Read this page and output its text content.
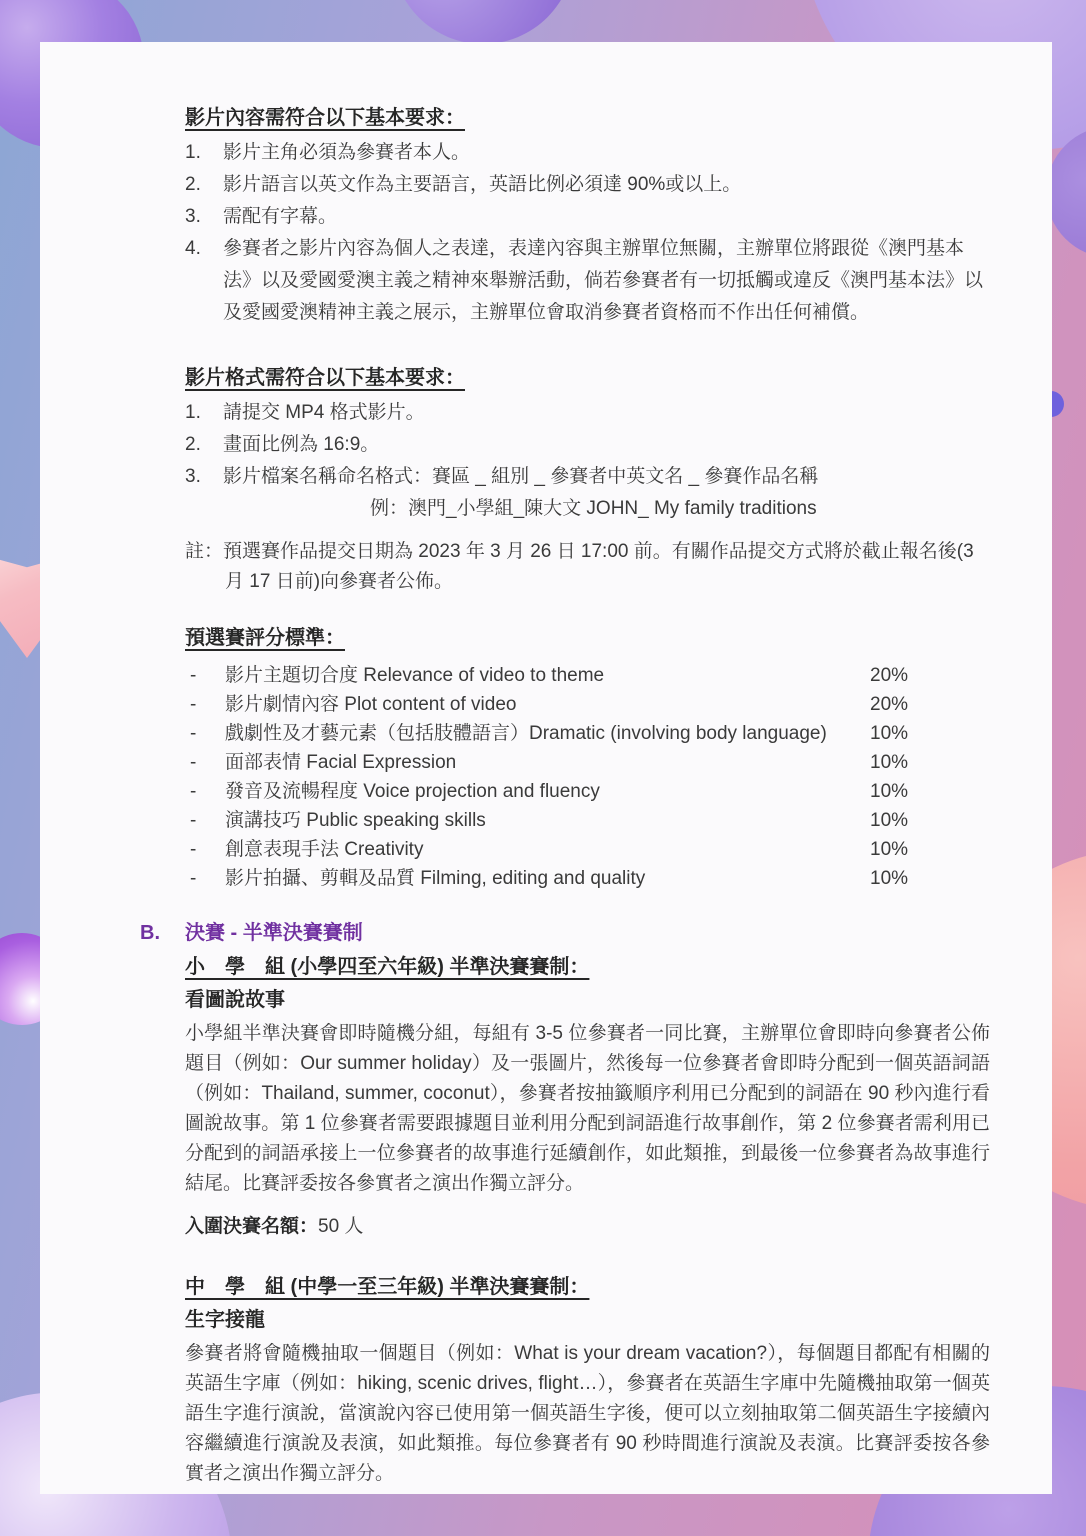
影片內容需符合以下基本要求：
1.	影片主角必須為參賽者本人。
2.	影片語言以英文作為主要語言，英語比例必須達 90%或以上。
3.	需配有字幕。
4.	參賽者之影片內容為個人之表達，表達內容與主辦單位無關，主辦單位將跟從《澳門基本法》以及愛國愛澳主義之精神來舉辦活動，倘若參賽者有一切抵觸或違反《澳門基本法》以及愛國愛澳精神主義之展示，主辦單位會取消參賽者資格而不作出任何補償。
影片格式需符合以下基本要求：
1.	請提交 MP4 格式影片。
2.	畫面比例為 16:9。
3.	影片檔案名稱命名格式：賽區 _ 組別 _ 參賽者中英文名 _ 參賽作品名稱
例：澳門_小學組_陳大文 JOHN_ My family traditions
註：預選賽作品提交日期為 2023 年 3 月 26 日 17:00 前。有關作品提交方式將於截止報名後(3 月 17 日前)向參賽者公佈。
預選賽評分標準：
-	影片主題切合度 Relevance of video to theme	20%
-	影片劇情內容 Plot content of video	20%
-	戲劇性及才藝元素（包括肢體語言）Dramatic (involving body language)	10%
-	面部表情 Facial Expression	10%
-	發音及流暢程度 Voice projection and fluency	10%
-	演講技巧 Public speaking skills	10%
-	創意表現手法 Creativity	10%
-	影片拍攝、剪輯及品質 Filming, editing and quality	10%
B.	決賽 - 半準決賽賽制
小　學　組 (小學四至六年級) 半準決賽賽制：
看圖說故事
小學組半準決賽會即時隨機分組，每組有 3-5 位參賽者一同比賽，主辦單位會即時向參賽者公佈題目（例如：Our summer holiday）及一張圖片，然後每一位參賽者會即時分配到一個英語詞語（例如：Thailand, summer, coconut），參賽者按抽籤順序利用已分配到的詞語在 90 秒內進行看圖說故事。第 1 位參賽者需要跟據題目並利用分配到詞語進行故事創作，第 2 位參賽者需利用已分配到的詞語承接上一位參賽者的故事進行延續創作，如此類推，到最後一位參賽者為故事進行結尾。比賽評委按各參實者之演出作獨立評分。
入圍決賽名額：50 人
中　學　組 (中學一至三年級) 半準決賽賽制：
生字接龍
參賽者將會隨機抽取一個題目（例如：What is your dream vacation?），每個題目都配有相關的英語生字庫（例如：hiking, scenic drives, flight…），參賽者在英語生字庫中先隨機抽取第一個英語生字進行演說，當演說內容已使用第一個英語生字後，便可以立刻抽取第二個英語生字接續內容繼續進行演說及表演，如此類推。每位參賽者有 90 秒時間進行演說及表演。比賽評委按各參實者之演出作獨立評分。
